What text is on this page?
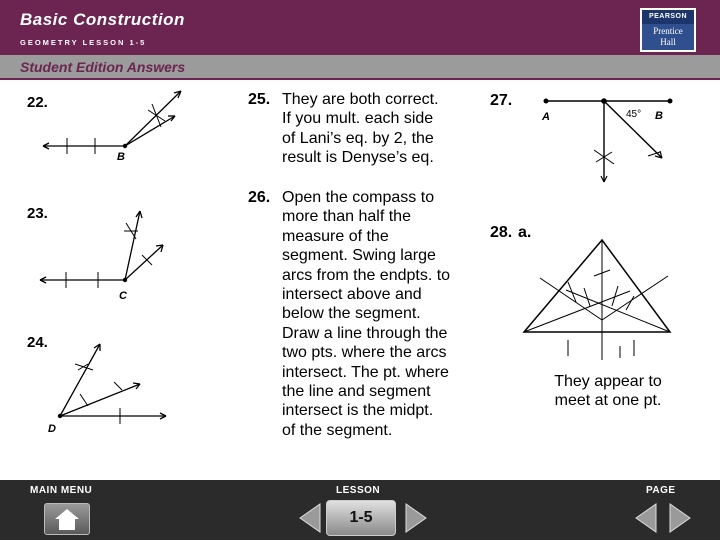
Basic Construction
GEOMETRY LESSON 1-5
PEARSON
Prentice
Hall
Student Edition Answers
22.
23.
24.
B
C
D
25. They are both correct.
If you mult. each side
of Lani’s eq. by 2, the
result is Denyse’s eq.
26. Open the compass to
more than half the
measure of the
segment. Swing large
arcs from the endpts. to
intersect above and
below the segment.
Draw a line through the
two pts. where the arcs
intersect. The pt. where
the line and segment
intersect is the midpt.
of the segment.
27.
A	B
45°
28. a.
They appear to
meet at one pt.
MAIN MENU	LESSON	PAGE
1-5
